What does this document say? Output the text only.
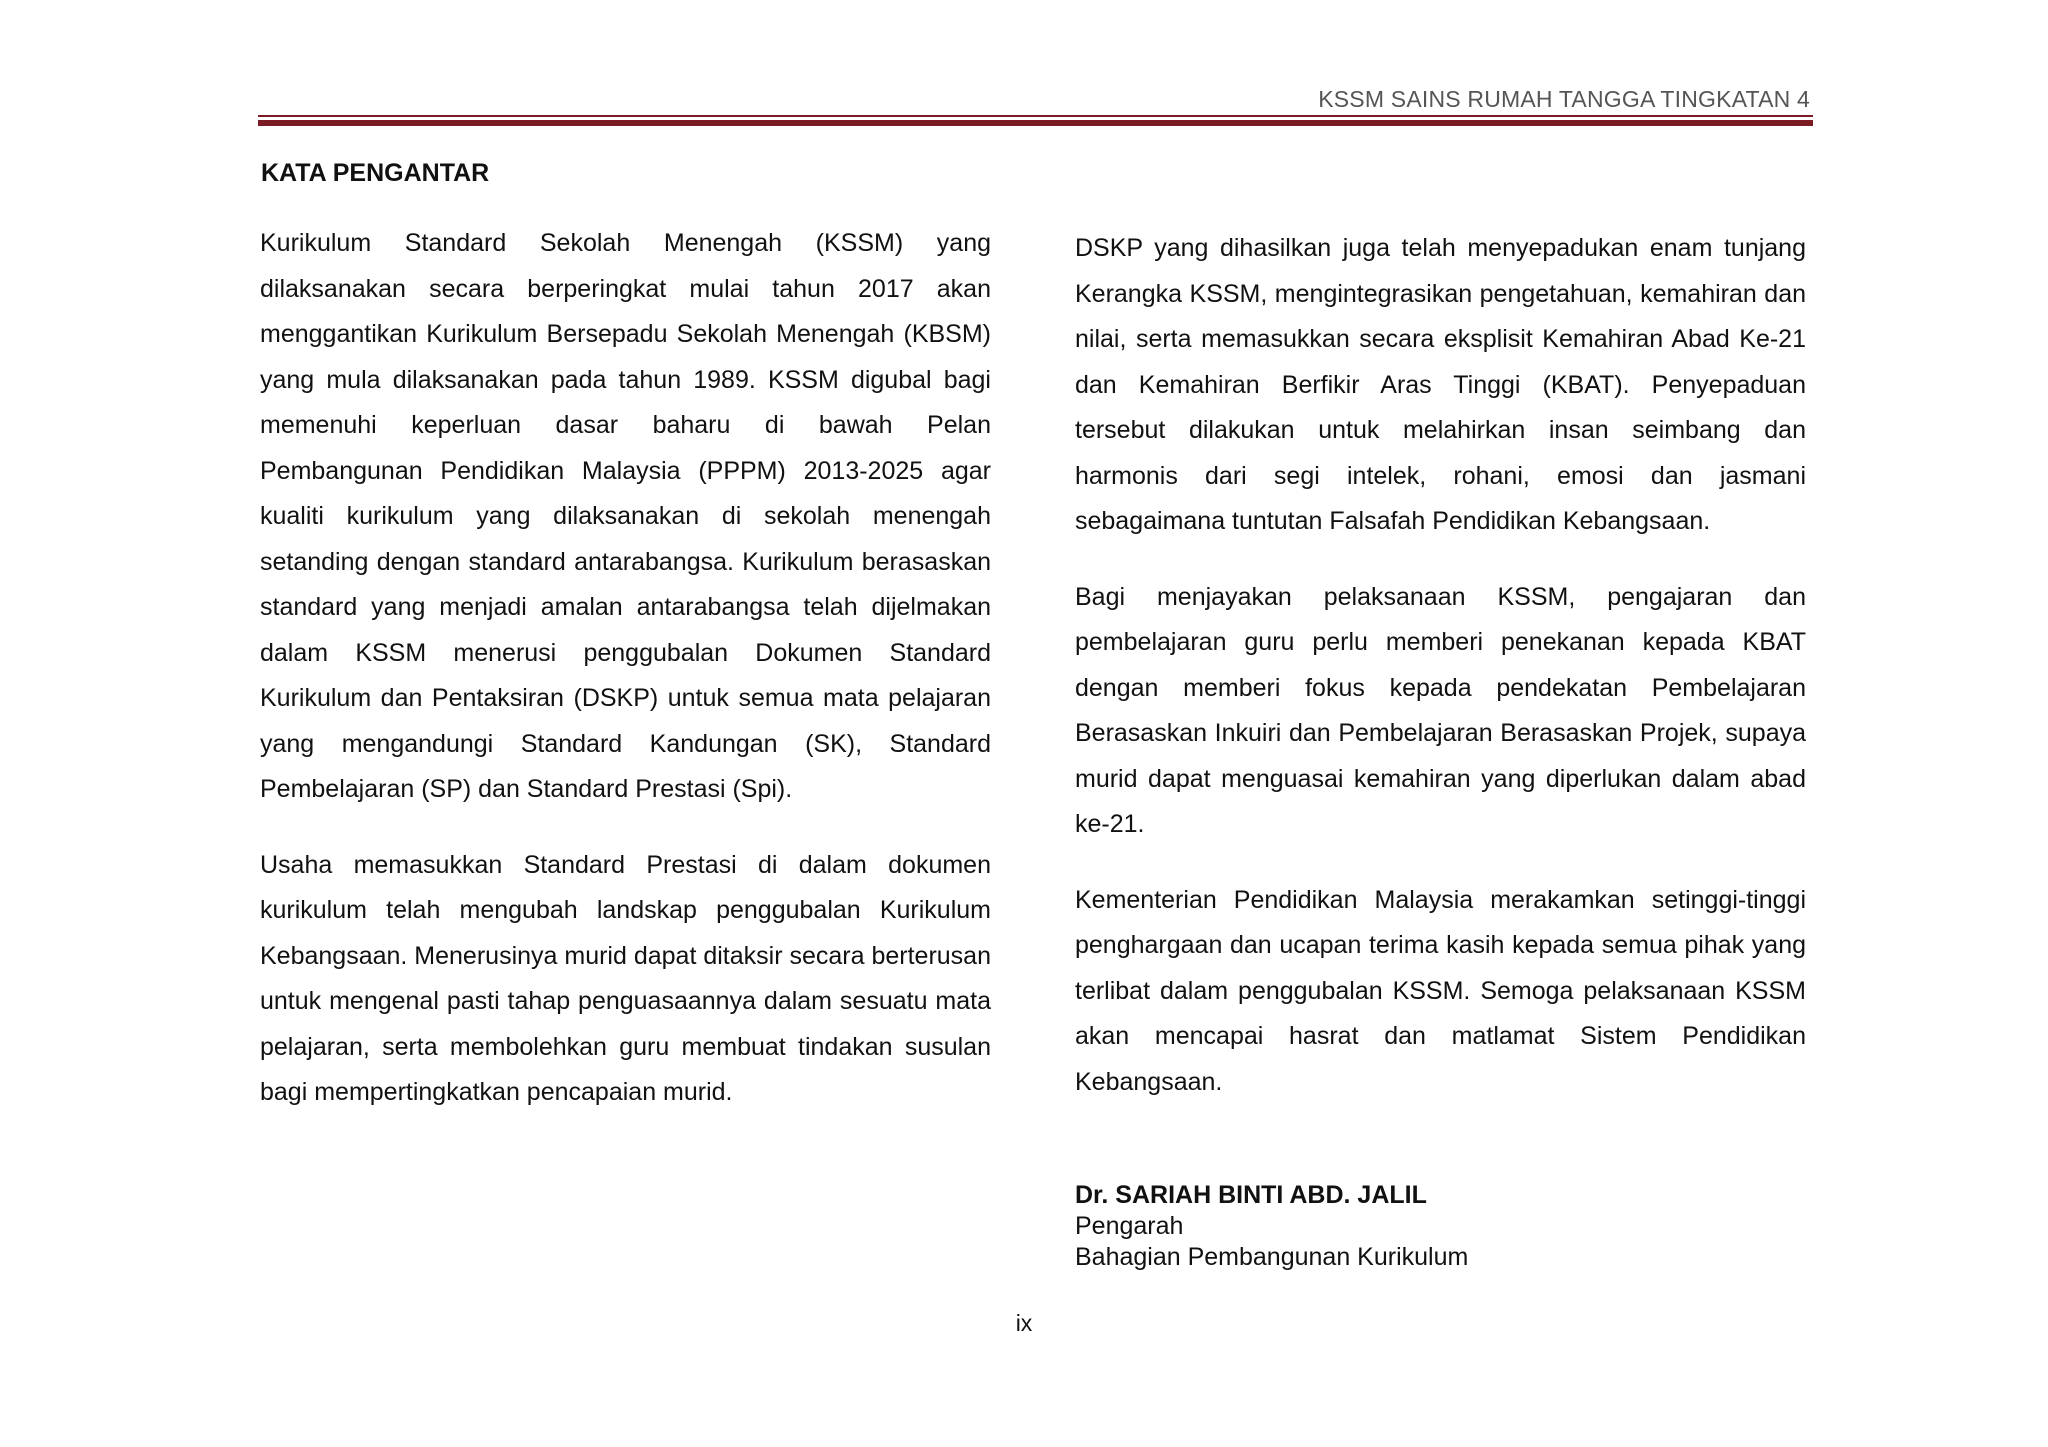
KSSM SAINS RUMAH TANGGA TINGKATAN 4
KATA PENGANTAR

Kurikulum Standard Sekolah Menengah (KSSM) yang dilaksanakan secara berperingkat mulai tahun 2017 akan menggantikan Kurikulum Bersepadu Sekolah Menengah (KBSM) yang mula dilaksanakan pada tahun 1989. KSSM digubal bagi memenuhi keperluan dasar baharu di bawah Pelan Pembangunan Pendidikan Malaysia (PPPM) 2013-2025 agar kualiti kurikulum yang dilaksanakan di sekolah menengah setanding dengan standard antarabangsa. Kurikulum berasaskan standard yang menjadi amalan antarabangsa telah dijelmakan dalam KSSM menerusi penggubalan Dokumen Standard Kurikulum dan Pentaksiran (DSKP) untuk semua mata pelajaran yang mengandungi Standard Kandungan (SK), Standard Pembelajaran (SP) dan Standard Prestasi (Spi).

Usaha memasukkan Standard Prestasi di dalam dokumen kurikulum telah mengubah landskap penggubalan Kurikulum Kebangsaan. Menerusinya murid dapat ditaksir secara berterusan untuk mengenal pasti tahap penguasaannya dalam sesuatu mata pelajaran, serta membolehkan guru membuat tindakan susulan bagi mempertingkatkan pencapaian murid.

DSKP yang dihasilkan juga telah menyepadukan enam tunjang Kerangka KSSM, mengintegrasikan pengetahuan, kemahiran dan nilai, serta memasukkan secara eksplisit Kemahiran Abad Ke-21 dan Kemahiran Berfikir Aras Tinggi (KBAT). Penyepaduan tersebut dilakukan untuk melahirkan insan seimbang dan harmonis dari segi intelek, rohani, emosi dan jasmani sebagaimana tuntutan Falsafah Pendidikan Kebangsaan.

Bagi menjayakan pelaksanaan KSSM, pengajaran dan pembelajaran guru perlu memberi penekanan kepada KBAT dengan memberi fokus kepada pendekatan Pembelajaran Berasaskan Inkuiri dan Pembelajaran Berasaskan Projek, supaya murid dapat menguasai kemahiran yang diperlukan dalam abad ke-21.

Kementerian Pendidikan Malaysia merakamkan setinggi-tinggi penghargaan dan ucapan terima kasih kepada semua pihak yang terlibat dalam penggubalan KSSM. Semoga pelaksanaan KSSM akan mencapai hasrat dan matlamat Sistem Pendidikan Kebangsaan.

Dr. SARIAH BINTI ABD. JALIL
Pengarah
Bahagian Pembangunan Kurikulum
ix
